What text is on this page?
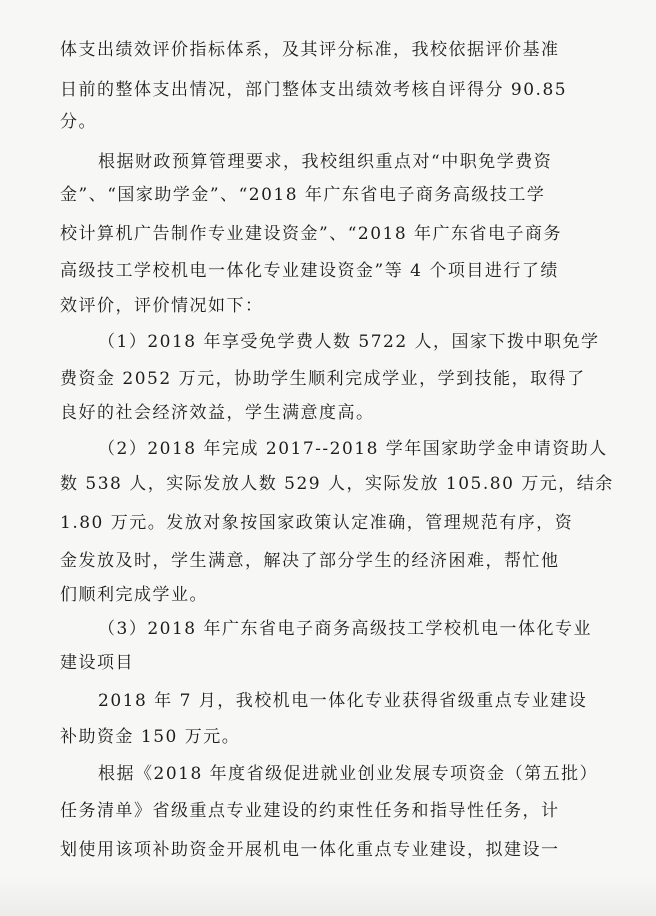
体支出绩效评价指标体系，及其评分标准，我校依据评价基准
日前的整体支出情况，部门整体支出绩效考核自评得分 90.85
分。
根据财政预算管理要求，我校组织重点对“中职免学费资
金”、“国家助学金”、“2018 年广东省电子商务高级技工学
校计算机广告制作专业建设资金”、“2018 年广东省电子商务
高级技工学校机电一体化专业建设资金”等 4 个项目进行了绩
效评价，评价情况如下：
（1）2018 年享受免学费人数 5722 人，国家下拨中职免学
费资金 2052 万元，协助学生顺利完成学业，学到技能，取得了
良好的社会经济效益，学生满意度高。
（2）2018 年完成 2017--2018 学年国家助学金申请资助人
数 538 人，实际发放人数 529 人，实际发放 105.80 万元，结余
1.80 万元。发放对象按国家政策认定准确，管理规范有序，资
金发放及时，学生满意，解决了部分学生的经济困难，帮忙他
们顺利完成学业。
（3）2018 年广东省电子商务高级技工学校机电一体化专业
建设项目
2018 年 7 月，我校机电一体化专业获得省级重点专业建设
补助资金 150 万元。
根据《2018 年度省级促进就业创业发展专项资金（第五批）
任务清单》省级重点专业建设的约束性任务和指导性任务，计
划使用该项补助资金开展机电一体化重点专业建设，拟建设一
